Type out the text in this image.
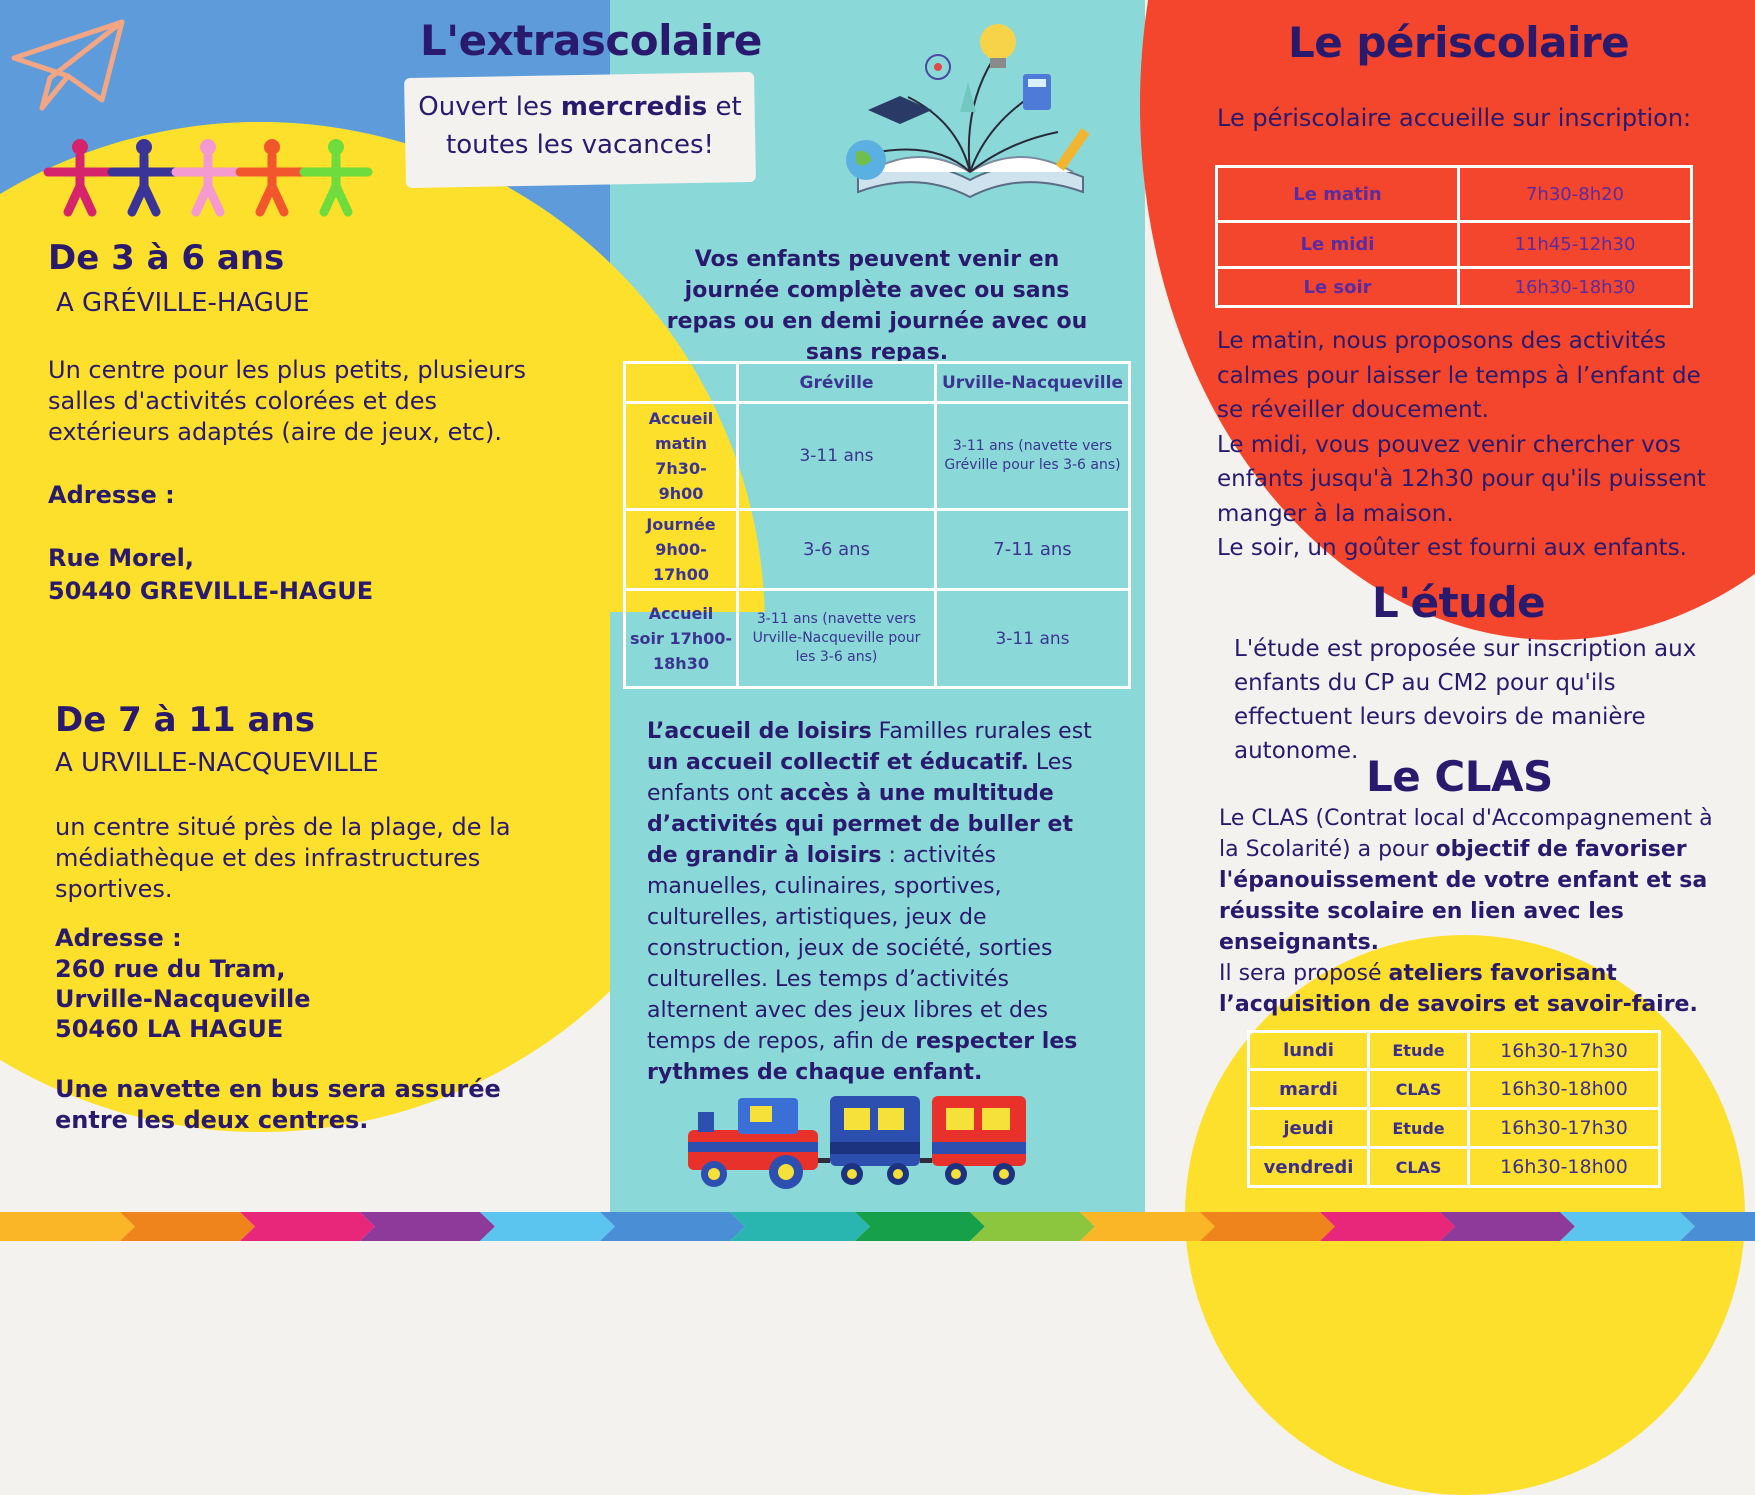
De 3 à 6 ans
A GRÉVILLE-HAGUE
Un centre pour les plus petits, plusieurs salles d'activités colorées et des extérieurs adaptés (aire de jeux, etc).
Adresse :
Rue Morel,
50440 GREVILLE-HAGUE
De 7 à 11 ans
A URVILLE-NACQUEVILLE
un centre situé près de la plage, de la médiathèque et des infrastructures sportives.
Adresse :
260 rue du Tram,
Urville-Nacqueville
50460 LA HAGUE
Une navette en bus sera assurée entre les deux centres.
L'extrascolaire
Ouvert les mercredis et
toutes les vacances!
Vos enfants peuvent venir en journée complète avec ou sans repas ou en demi journée avec ou sans repas.
	Gréville	Urville-Nacqueville

Accueil matin 7h30-9h00	3-11 ans	3-11 ans (navette vers Gréville pour les 3-6 ans)

Journée 9h00-17h00	3-6 ans	7-11 ans

Accueil soir 17h00-18h30	3-11 ans (navette vers Urville-Nacqueville pour les 3-6 ans)	3-11 ans
L’accueil de loisirs Familles rurales est un accueil collectif et éducatif. Les enfants ont accès à une multitude d’activités qui permet de buller et de grandir à loisirs : activités manuelles, culinaires, sportives, culturelles, artistiques, jeux de construction, jeux de société, sorties culturelles. Les temps d’activités alternent avec des jeux libres et des temps de repos, afin de respecter les rythmes de chaque enfant.
Le périscolaire
Le périscolaire accueille sur inscription:
Le matin	7h30-8h20
Le midi	11h45-12h30
Le soir	16h30-18h30
Le matin, nous proposons des activités calmes pour laisser le temps à l’enfant de se réveiller doucement.
Le midi, vous pouvez venir chercher vos enfants jusqu'à 12h30 pour qu'ils puissent manger à la maison.
Le soir, un goûter est fourni aux enfants.
L'étude
L'étude est proposée sur inscription aux enfants du CP au CM2 pour qu'ils effectuent leurs devoirs de manière autonome.
Le CLAS
Le CLAS (Contrat local d'Accompagnement à la Scolarité) a pour objectif de favoriser l'épanouissement de votre enfant et sa réussite scolaire en lien avec les enseignants.
Il sera proposé ateliers favorisant l’acquisition de savoirs et savoir-faire.
lundi	Etude	16h30-17h30
mardi	CLAS	16h30-18h00
jeudi	Etude	16h30-17h30
vendredi	CLAS	16h30-18h00
